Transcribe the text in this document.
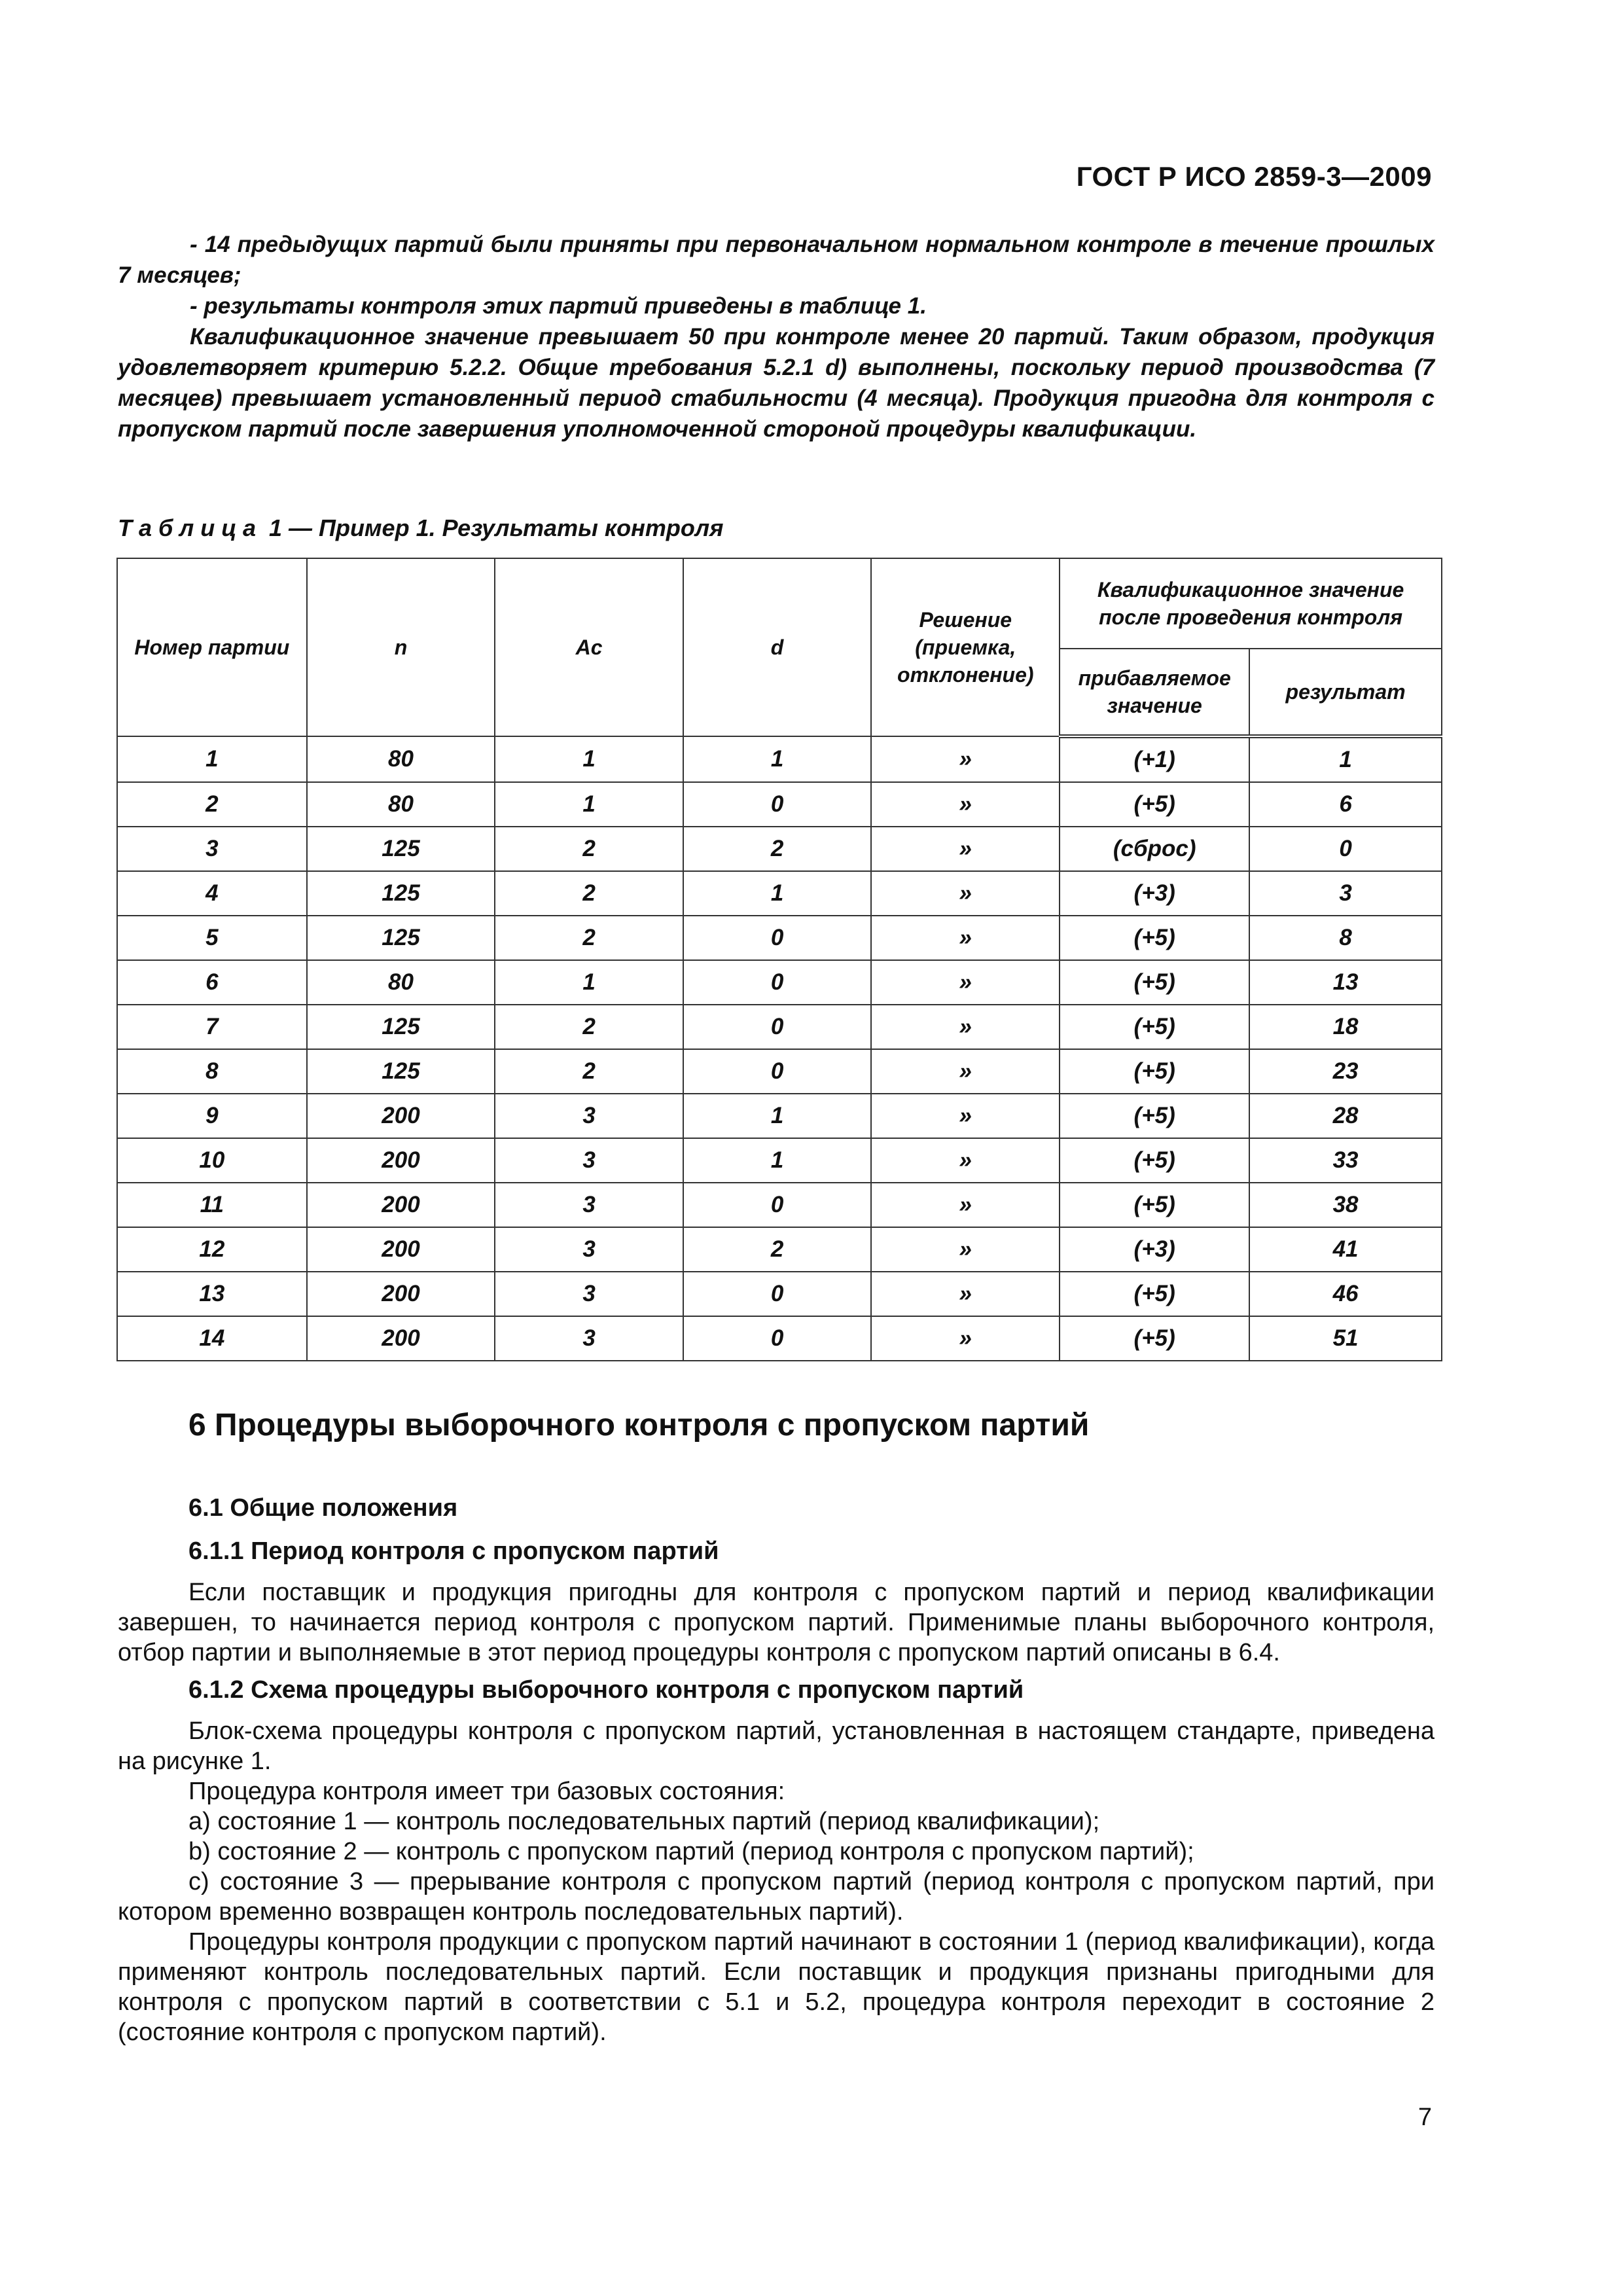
ГОСТ Р ИСО 2859-3—2009

- 14 предыдущих партий были приняты при первоначальном нормальном контроле в течение прошлых 7 месяцев;

- результаты контроля этих партий приведены в таблице 1.

Квалификационное значение превышает 50 при контроле менее 20 партий. Таким образом, продукция удовлетворяет критерию 5.2.2. Общие требования 5.2.1 d) выполнены, поскольку период производства (7 месяцев) превышает установленный период стабильности (4 месяца). Продукция пригодна для контроля с пропуском партий после завершения уполномоченной стороной процедуры квалификации.

Таблица 1 — Пример 1. Результаты контроля
Номер партии	n	Ac	d	Решение (приемка, отклонение)	Квалификационное значение после проведения контроля	
					прибавляемое значение	результат
1	80	1	1	»	(+1)	1
2	80	1	0	»	(+5)	6
3	125	2	2	»	(сброс)	0
4	125	2	1	»	(+3)	3
5	125	2	0	»	(+5)	8
6	80	1	0	»	(+5)	13
7	125	2	0	»	(+5)	18
8	125	2	0	»	(+5)	23
9	200	3	1	»	(+5)	28
10	200	3	1	»	(+5)	33
11	200	3	0	»	(+5)	38
12	200	3	2	»	(+3)	41
13	200	3	0	»	(+5)	46
14	200	3	0	»	(+5)	51
6 Процедуры выборочного контроля с пропуском партий
6.1 Общие положения
6.1.1 Период контроля с пропуском партий

Если поставщик и продукция пригодны для контроля с пропуском партий и период квалификации завершен, то начинается период контроля с пропуском партий. Применимые планы выборочного контроля, отбор партии и выполняемые в этот период процедуры контроля с пропуском партий описаны в 6.4.

6.1.2 Схема процедуры выборочного контроля с пропуском партий

Блок-схема процедуры контроля с пропуском партий, установленная в настоящем стандарте, приведена на рисунке 1.

Процедура контроля имеет три базовых состояния:

a) состояние 1 — контроль последовательных партий (период квалификации);

b) состояние 2 — контроль с пропуском партий (период контроля с пропуском партий);

c) состояние 3 — прерывание контроля с пропуском партий (период контроля с пропуском партий, при котором временно возвращен контроль последовательных партий).

Процедуры контроля продукции с пропуском партий начинают в состоянии 1 (период квалификации), когда применяют контроль последовательных партий. Если поставщик и продукция признаны пригодными для контроля с пропуском партий в соответствии с 5.1 и 5.2, процедура контроля переходит в состояние 2 (состояние контроля с пропуском партий).

7
